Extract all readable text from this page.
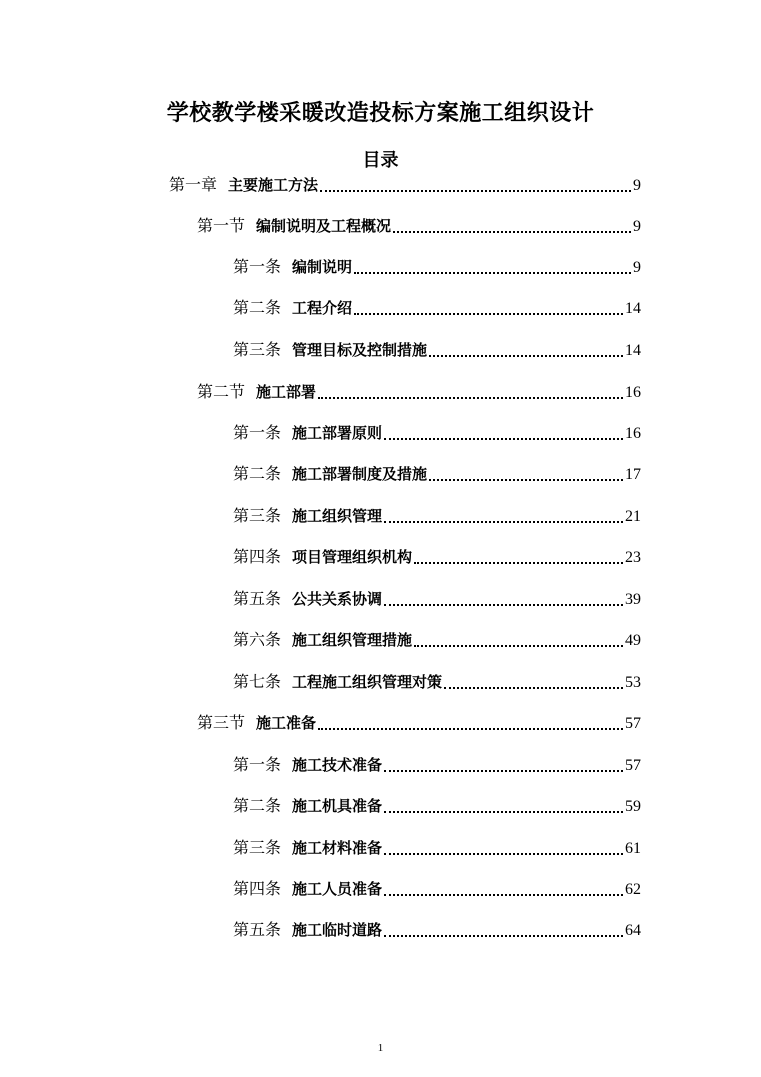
学校教学楼采暖改造投标方案施工组织设计
目录
第一章 主要施工方法	9
第一节 编制说明及工程概况	9
第一条 编制说明	9
第二条 工程介绍	14
第三条 管理目标及控制措施	14
第二节 施工部署	16
第一条 施工部署原则	16
第二条 施工部署制度及措施	17
第三条 施工组织管理	21
第四条 项目管理组织机构	23
第五条 公共关系协调	39
第六条 施工组织管理措施	49
第七条 工程施工组织管理对策	53
第三节 施工准备	57
第一条 施工技术准备	57
第二条 施工机具准备	59
第三条 施工材料准备	61
第四条 施工人员准备	62
第五条 施工临时道路	64
1
